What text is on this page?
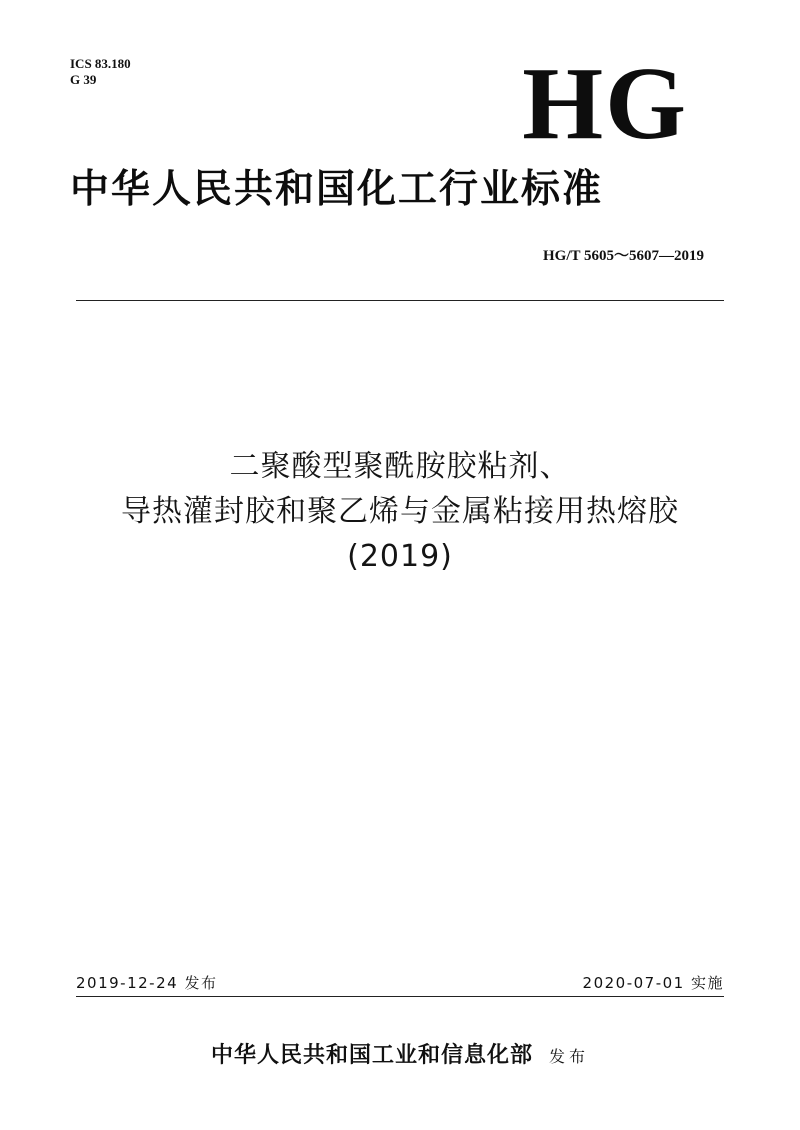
ICS 83.180
G 39	HG
中华人民共和国化工行业标准
HG/T 5605～5607—2019
二聚酸型聚酰胺胶粘剂、
导热灌封胶和聚乙烯与金属粘接用热熔胶
(2019)
2019-12-24 发布	2020-07-01 实施
中华人民共和国工业和信息化部 发布
